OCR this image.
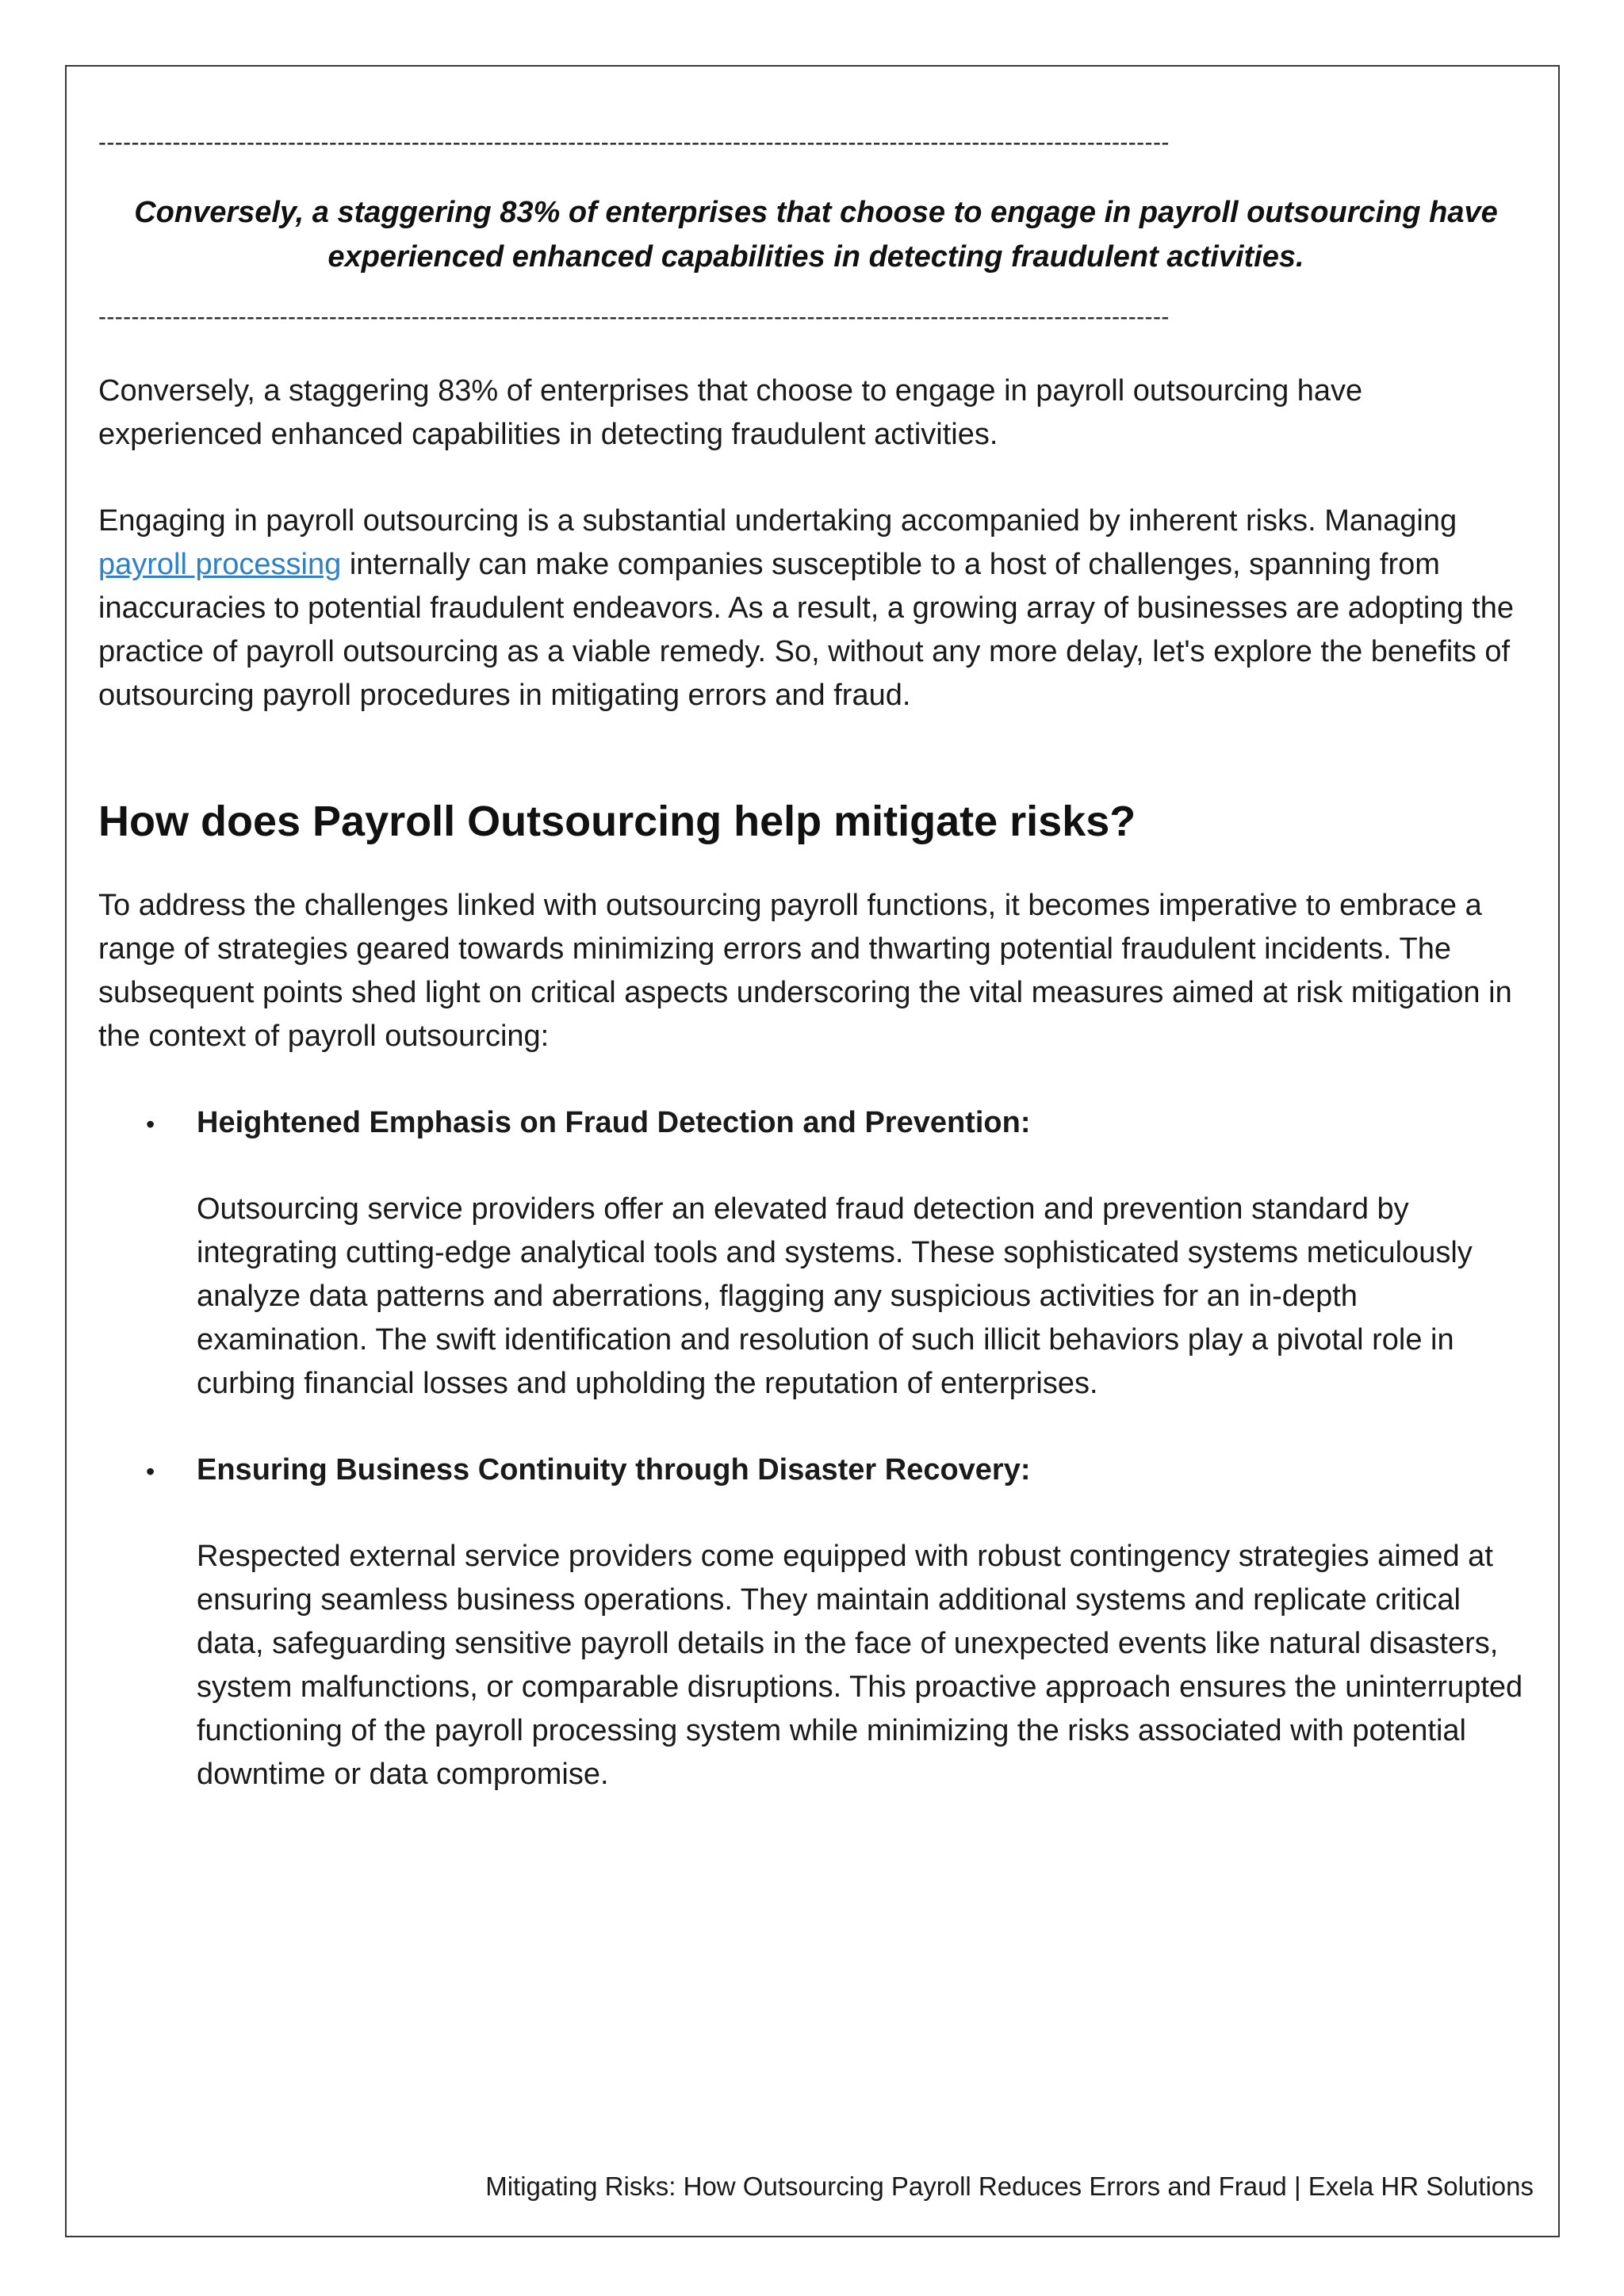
----------------------------------------------------------------------------------------------------------------------------------
Conversely, a staggering 83% of enterprises that choose to engage in payroll outsourcing have experienced enhanced capabilities in detecting fraudulent activities.
----------------------------------------------------------------------------------------------------------------------------------

Conversely, a staggering 83% of enterprises that choose to engage in payroll outsourcing have experienced enhanced capabilities in detecting fraudulent activities.

Engaging in payroll outsourcing is a substantial undertaking accompanied by inherent risks. Managing payroll processing internally can make companies susceptible to a host of challenges, spanning from inaccuracies to potential fraudulent endeavors. As a result, a growing array of businesses are adopting the practice of payroll outsourcing as a viable remedy. So, without any more delay, let's explore the benefits of outsourcing payroll procedures in mitigating errors and fraud.

How does Payroll Outsourcing help mitigate risks?

To address the challenges linked with outsourcing payroll functions, it becomes imperative to embrace a range of strategies geared towards minimizing errors and thwarting potential fraudulent incidents. The subsequent points shed light on critical aspects underscoring the vital measures aimed at risk mitigation in the context of payroll outsourcing:

• Heightened Emphasis on Fraud Detection and Prevention:

Outsourcing service providers offer an elevated fraud detection and prevention standard by integrating cutting-edge analytical tools and systems. These sophisticated systems meticulously analyze data patterns and aberrations, flagging any suspicious activities for an in-depth examination. The swift identification and resolution of such illicit behaviors play a pivotal role in curbing financial losses and upholding the reputation of enterprises.

• Ensuring Business Continuity through Disaster Recovery:

Respected external service providers come equipped with robust contingency strategies aimed at ensuring seamless business operations. They maintain additional systems and replicate critical data, safeguarding sensitive payroll details in the face of unexpected events like natural disasters, system malfunctions, or comparable disruptions. This proactive approach ensures the uninterrupted functioning of the payroll processing system while minimizing the risks associated with potential downtime or data compromise.

Mitigating Risks: How Outsourcing Payroll Reduces Errors and Fraud | Exela HR Solutions
